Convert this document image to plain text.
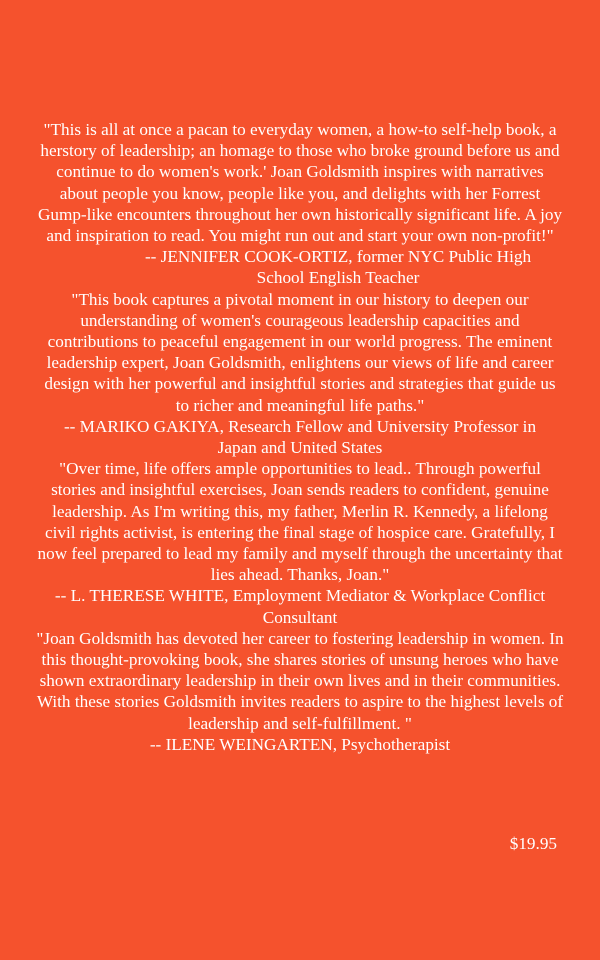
"This is all at once a pacan to everyday women, a how-to self-help book, a herstory of leadership; an homage to those who broke ground before us and continue to do women's work.' Joan Goldsmith inspires with narratives about people you know, people like you, and delights with her Forrest Gump-like encounters throughout her own historically significant life. A joy and inspiration to read. You might run out and start your own non-profit!"

-- JENNIFER COOK-ORTIZ, former NYC Public High School English Teacher

"This book captures a pivotal moment in our history to deepen our understanding of women's courageous leadership capacities and contributions to peaceful engagement in our world progress. The eminent leadership expert, Joan Goldsmith, enlightens our views of life and career design with her powerful and insightful stories and strategies that guide us to richer and meaningful life paths."

-- MARIKO GAKIYA, Research Fellow and University Professor in Japan and United States

"Over time, life offers ample opportunities to lead.. Through powerful stories and insightful exercises, Joan sends readers to confident, genuine leadership. As I'm writing this, my father, Merlin R. Kennedy, a lifelong civil rights activist, is entering the final stage of hospice care. Gratefully, I now feel prepared to lead my family and myself through the uncertainty that lies ahead. Thanks, Joan."

-- L. THERESE WHITE, Employment Mediator & Workplace Conflict Consultant

"Joan Goldsmith has devoted her career to fostering leadership in women. In this thought-provoking book, she shares stories of unsung heroes who have shown extraordinary leadership in their own lives and in their communities. With these stories Goldsmith invites readers to aspire to the highest levels of leadership and self-fulfillment. "

-- ILENE WEINGARTEN, Psychotherapist

$19.95
